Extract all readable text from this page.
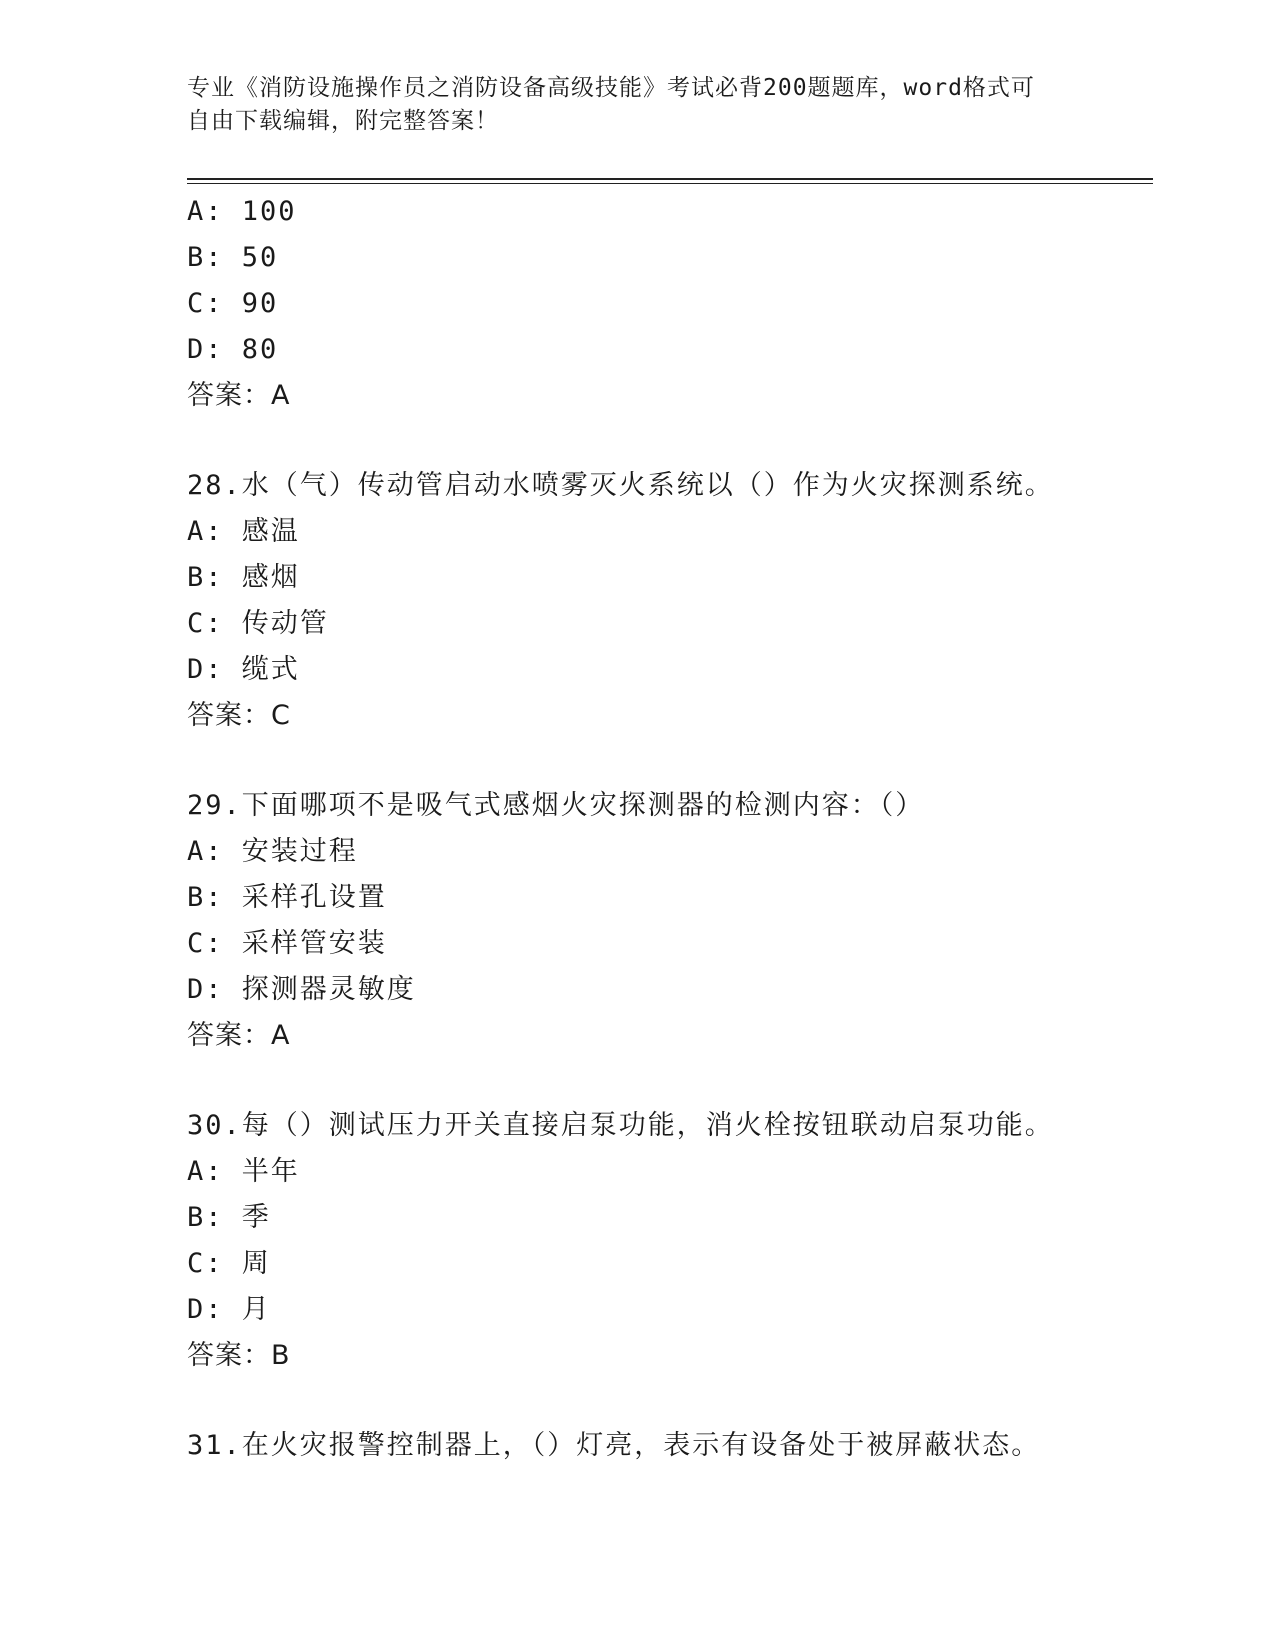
专业《消防设施操作员之消防设备高级技能》考试必背200题题库，word格式可
自由下载编辑，附完整答案！
A: 100
B: 50
C: 90
D: 80
答案：A
28.水（气）传动管启动水喷雾灭火系统以（）作为火灾探测系统。
A: 感温
B: 感烟
C: 传动管
D: 缆式
答案：C
29.下面哪项不是吸气式感烟火灾探测器的检测内容：（）
A: 安装过程
B: 采样孔设置
C: 采样管安装
D: 探测器灵敏度
答案：A
30.每（）测试压力开关直接启泵功能，消火栓按钮联动启泵功能。
A: 半年
B: 季
C: 周
D: 月
答案：B
31.在火灾报警控制器上，（）灯亮，表示有设备处于被屏蔽状态。
